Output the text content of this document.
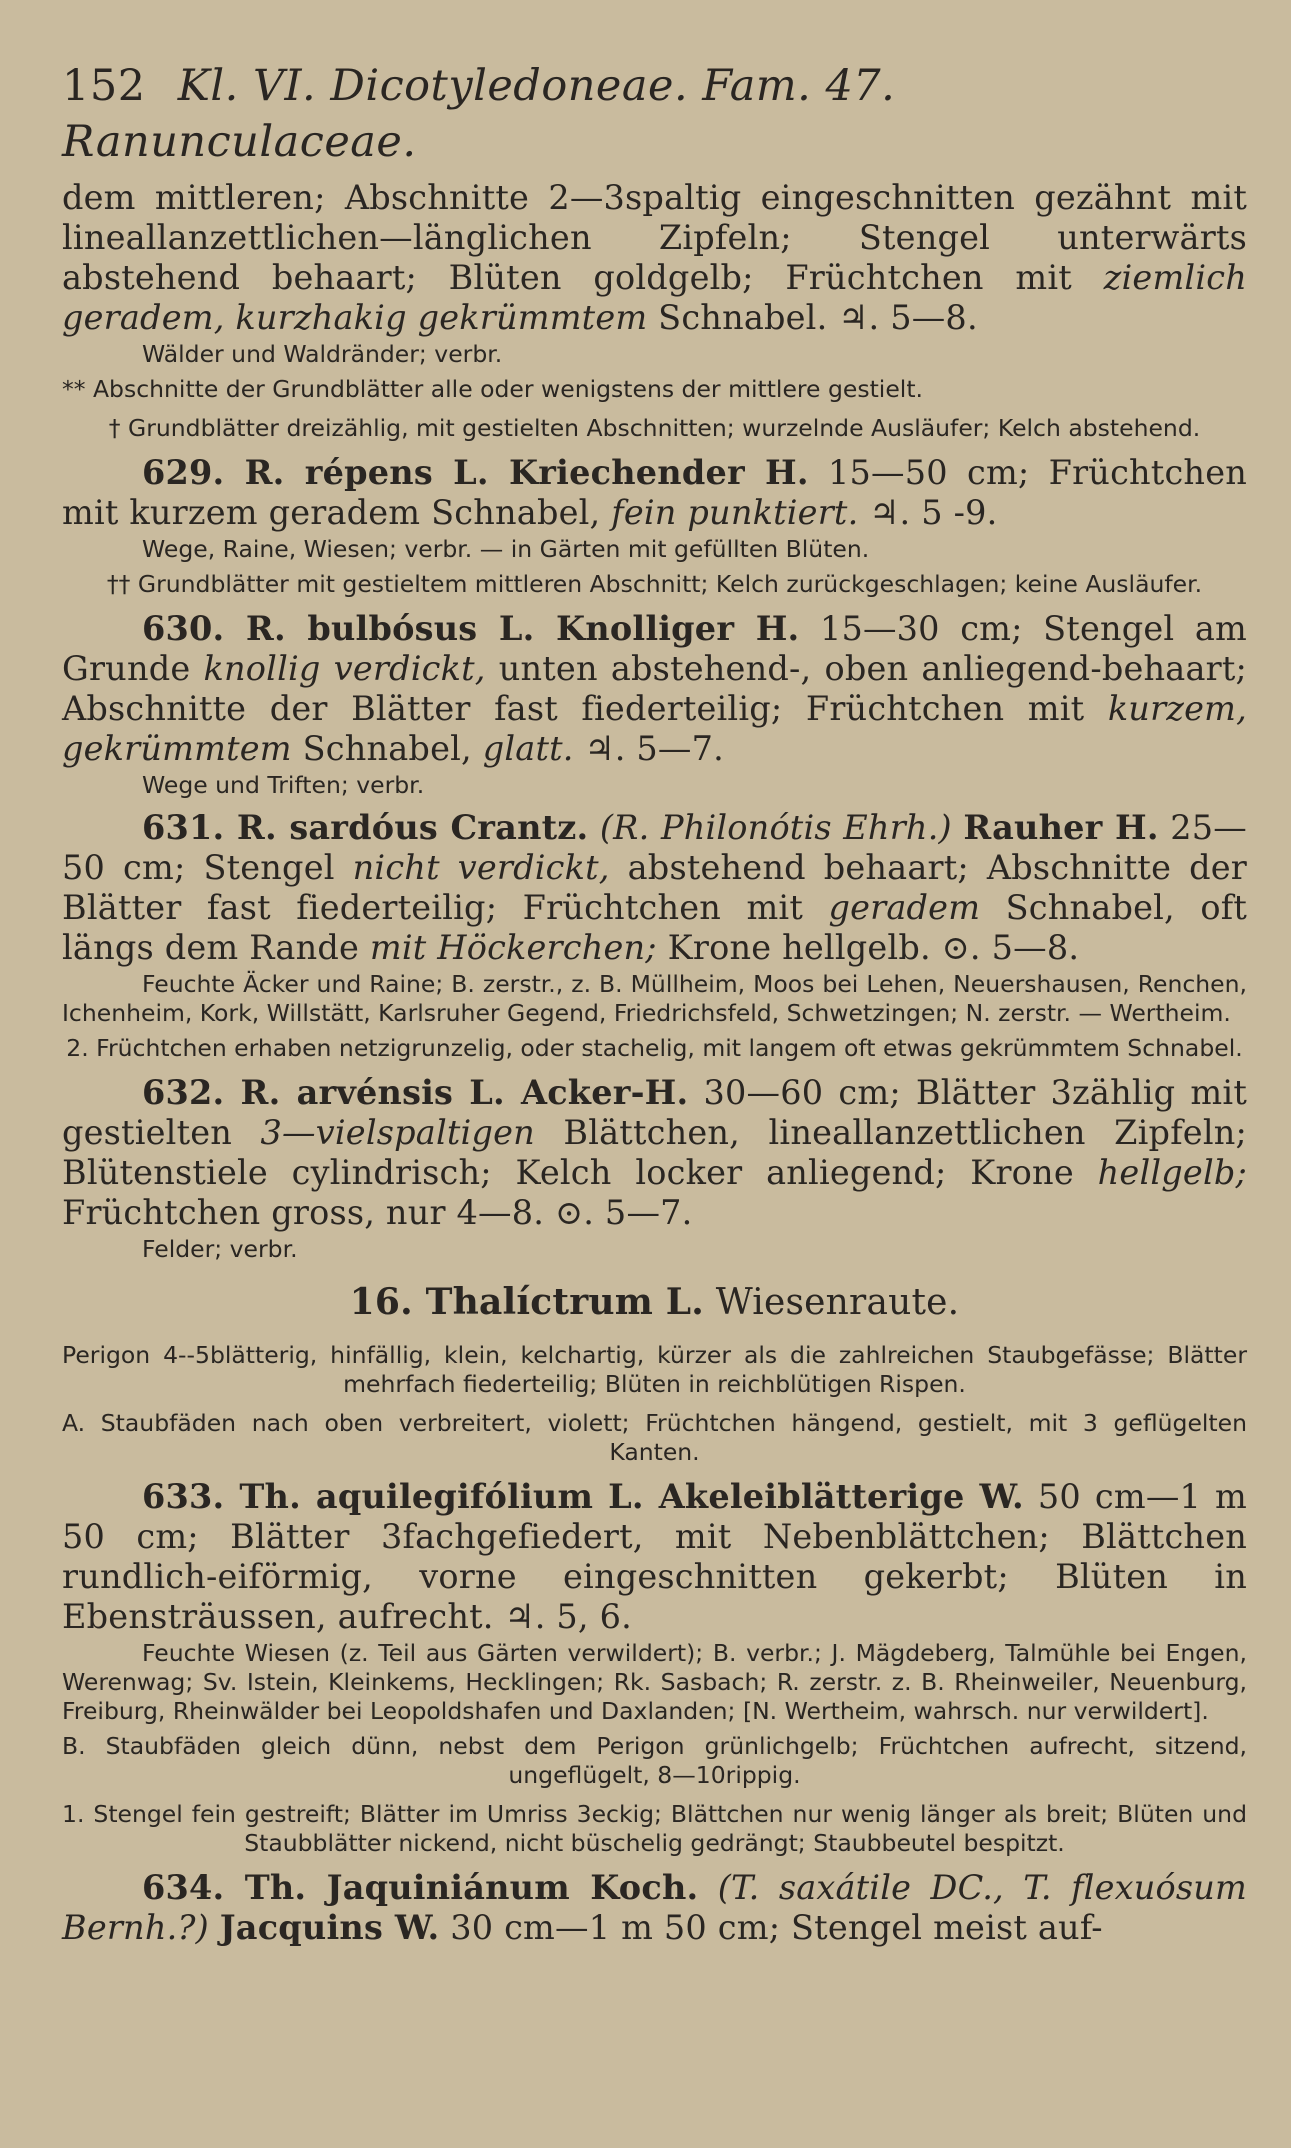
152 Kl. VI. Dicotyledoneae. Fam. 47. Ranunculaceae.

dem mittleren; Abschnitte 2—3spaltig eingeschnitten gezähnt mit lineallanzettlichen—länglichen Zipfeln; Stengel unterwärts abstehend behaart; Blüten goldgelb; Früchtchen mit ziemlich geradem, kurzhakig gekrümmtem Schnabel. ♃. 5—8.

Wälder und Waldränder; verbr.

** Abschnitte der Grundblätter alle oder wenigstens der mittlere gestielt.

† Grundblätter dreizählig, mit gestielten Abschnitten; wurzelnde Ausläufer; Kelch abstehend.

629. R. répens L. Kriechender H. 15—50 cm; Früchtchen mit kurzem geradem Schnabel, fein punktiert. ♃. 5 -9.

Wege, Raine, Wiesen; verbr. — in Gärten mit gefüllten Blüten.

†† Grundblätter mit gestieltem mittleren Abschnitt; Kelch zurückgeschlagen; keine Ausläufer.

630. R. bulbósus L. Knolliger H. 15—30 cm; Stengel am Grunde knollig verdickt, unten abstehend-, oben anliegend-behaart; Abschnitte der Blätter fast fiederteilig; Früchtchen mit kurzem, gekrümmtem Schnabel, glatt. ♃. 5—7.

Wege und Triften; verbr.

631. R. sardóus Crantz. (R. Philonótis Ehrh.) Rauher H. 25—50 cm; Stengel nicht verdickt, abstehend behaart; Abschnitte der Blätter fast fiederteilig; Früchtchen mit geradem Schnabel, oft längs dem Rande mit Höckerchen; Krone hellgelb. ⊙. 5—8.

Feuchte Äcker und Raine; B. zerstr., z. B. Müllheim, Moos bei Lehen, Neuershausen, Renchen, Ichenheim, Kork, Willstätt, Karlsruher Gegend, Friedrichsfeld, Schwetzingen; N. zerstr. — Wertheim.

2. Früchtchen erhaben netzigrunzelig, oder stachelig, mit langem oft etwas gekrümmtem Schnabel.

632. R. arvénsis L. Acker-H. 30—60 cm; Blätter 3zählig mit gestielten 3—vielspaltigen Blättchen, lineallanzettlichen Zipfeln; Blütenstiele cylindrisch; Kelch locker anliegend; Krone hellgelb; Früchtchen gross, nur 4—8. ⊙. 5—7.

Felder; verbr.

16. Thalíctrum L. Wiesenraute.

Perigon 4--5blätterig, hinfällig, klein, kelchartig, kürzer als die zahlreichen Staubgefässe; Blätter mehrfach fiederteilig; Blüten in reichblütigen Rispen.

A. Staubfäden nach oben verbreitert, violett; Früchtchen hängend, gestielt, mit 3 geflügelten Kanten.

633. Th. aquilegifólium L. Akeleiblätterige W. 50 cm—1 m 50 cm; Blätter 3fachgefiedert, mit Nebenblättchen; Blättchen rundlich-eiförmig, vorne eingeschnitten gekerbt; Blüten in Ebensträussen, aufrecht. ♃. 5, 6.

Feuchte Wiesen (z. Teil aus Gärten verwildert); B. verbr.; J. Mägdeberg, Talmühle bei Engen, Werenwag; Sv. Istein, Kleinkems, Hecklingen; Rk. Sasbach; R. zerstr. z. B. Rheinweiler, Neuenburg, Freiburg, Rheinwälder bei Leopoldshafen und Daxlanden; [N. Wertheim, wahrsch. nur verwildert].

B. Staubfäden gleich dünn, nebst dem Perigon grünlichgelb; Früchtchen aufrecht, sitzend, ungeflügelt, 8—10rippig.

1. Stengel fein gestreift; Blätter im Umriss 3eckig; Blättchen nur wenig länger als breit; Blüten und Staubblätter nickend, nicht büschelig gedrängt; Staubbeutel bespitzt.

634. Th. Jaquiniánum Koch. (T. saxátile DC., T. flexuósum Bernh.?) Jacquins W. 30 cm—1 m 50 cm; Stengel meist auf-
